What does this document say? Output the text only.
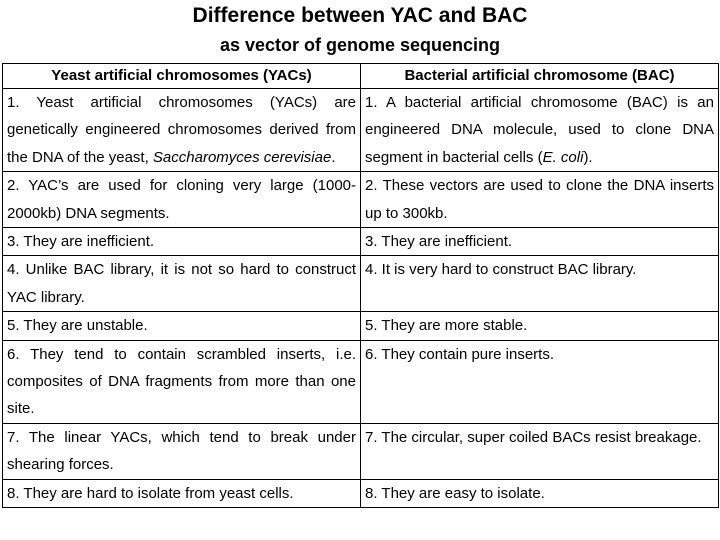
Difference between YAC and BAC
as vector of genome sequencing
Yeast artificial chromosomes (YACs)	Bacterial artificial chromosome (BAC)
1. Yeast artificial chromosomes (YACs) are genetically engineered chromosomes derived from the DNA of the yeast, Saccharomyces cerevisiae.	1. A bacterial artificial chromosome (BAC) is an engineered DNA molecule, used to clone DNA segment in bacterial cells (E. coli).
2. YAC’s are used for cloning very large (1000-2000kb) DNA segments.	2. These vectors are used to clone the DNA inserts up to 300kb.
3. They are inefficient.	3. They are inefficient.
4. Unlike BAC library, it is not so hard to construct YAC library.	4. It is very hard to construct BAC library.
5. They are unstable.	5. They are more stable.
6. They tend to contain scrambled inserts, i.e. composites of DNA fragments from more than one site.	6. They contain pure inserts.
7. The linear YACs, which tend to break under shearing forces.	7. The circular, super coiled BACs resist breakage.
8. They are hard to isolate from yeast cells.	8. They are easy to isolate.
